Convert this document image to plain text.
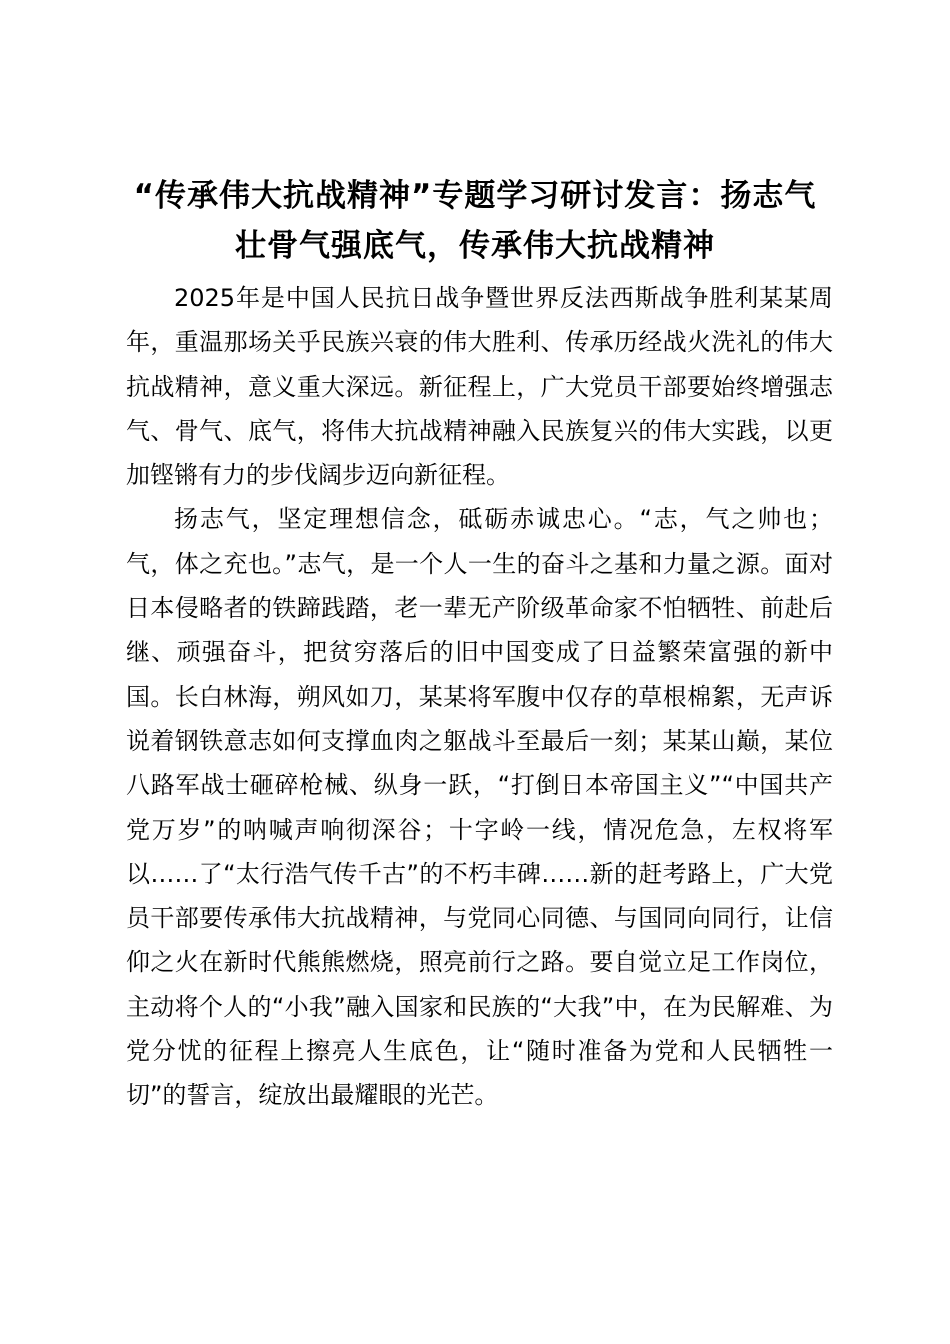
“传承伟大抗战精神”专题学习研讨发言：扬志气壮骨气强底气，传承伟大抗战精神

2025年是中国人民抗日战争暨世界反法西斯战争胜利某某周年，重温那场关乎民族兴衰的伟大胜利、传承历经战火洗礼的伟大抗战精神，意义重大深远。新征程上，广大党员干部要始终增强志气、骨气、底气，将伟大抗战精神融入民族复兴的伟大实践，以更加铿锵有力的步伐阔步迈向新征程。

扬志气，坚定理想信念，砥砺赤诚忠心。“志，气之帅也；气，体之充也。”志气，是一个人一生的奋斗之基和力量之源。面对日本侵略者的铁蹄践踏，老一辈无产阶级革命家不怕牺牲、前赴后继、顽强奋斗，把贫穷落后的旧中国变成了日益繁荣富强的新中国。长白林海，朔风如刀，某某将军腹中仅存的草根棉絮，无声诉说着钢铁意志如何支撑血肉之躯战斗至最后一刻；某某山巅，某位八路军战士砸碎枪械、纵身一跃，“打倒日本帝国主义”“中国共产党万岁”的呐喊声响彻深谷；十字岭一线，情况危急，左权将军以……了“太行浩气传千古”的不朽丰碑……新的赶考路上，广大党员干部要传承伟大抗战精神，与党同心同德、与国同向同行，让信仰之火在新时代熊熊燃烧，照亮前行之路。要自觉立足工作岗位，主动将个人的“小我”融入国家和民族的“大我”中，在为民解难、为党分忧的征程上擦亮人生底色，让“随时准备为党和人民牺牲一切”的誓言，绽放出最耀眼的光芒。
